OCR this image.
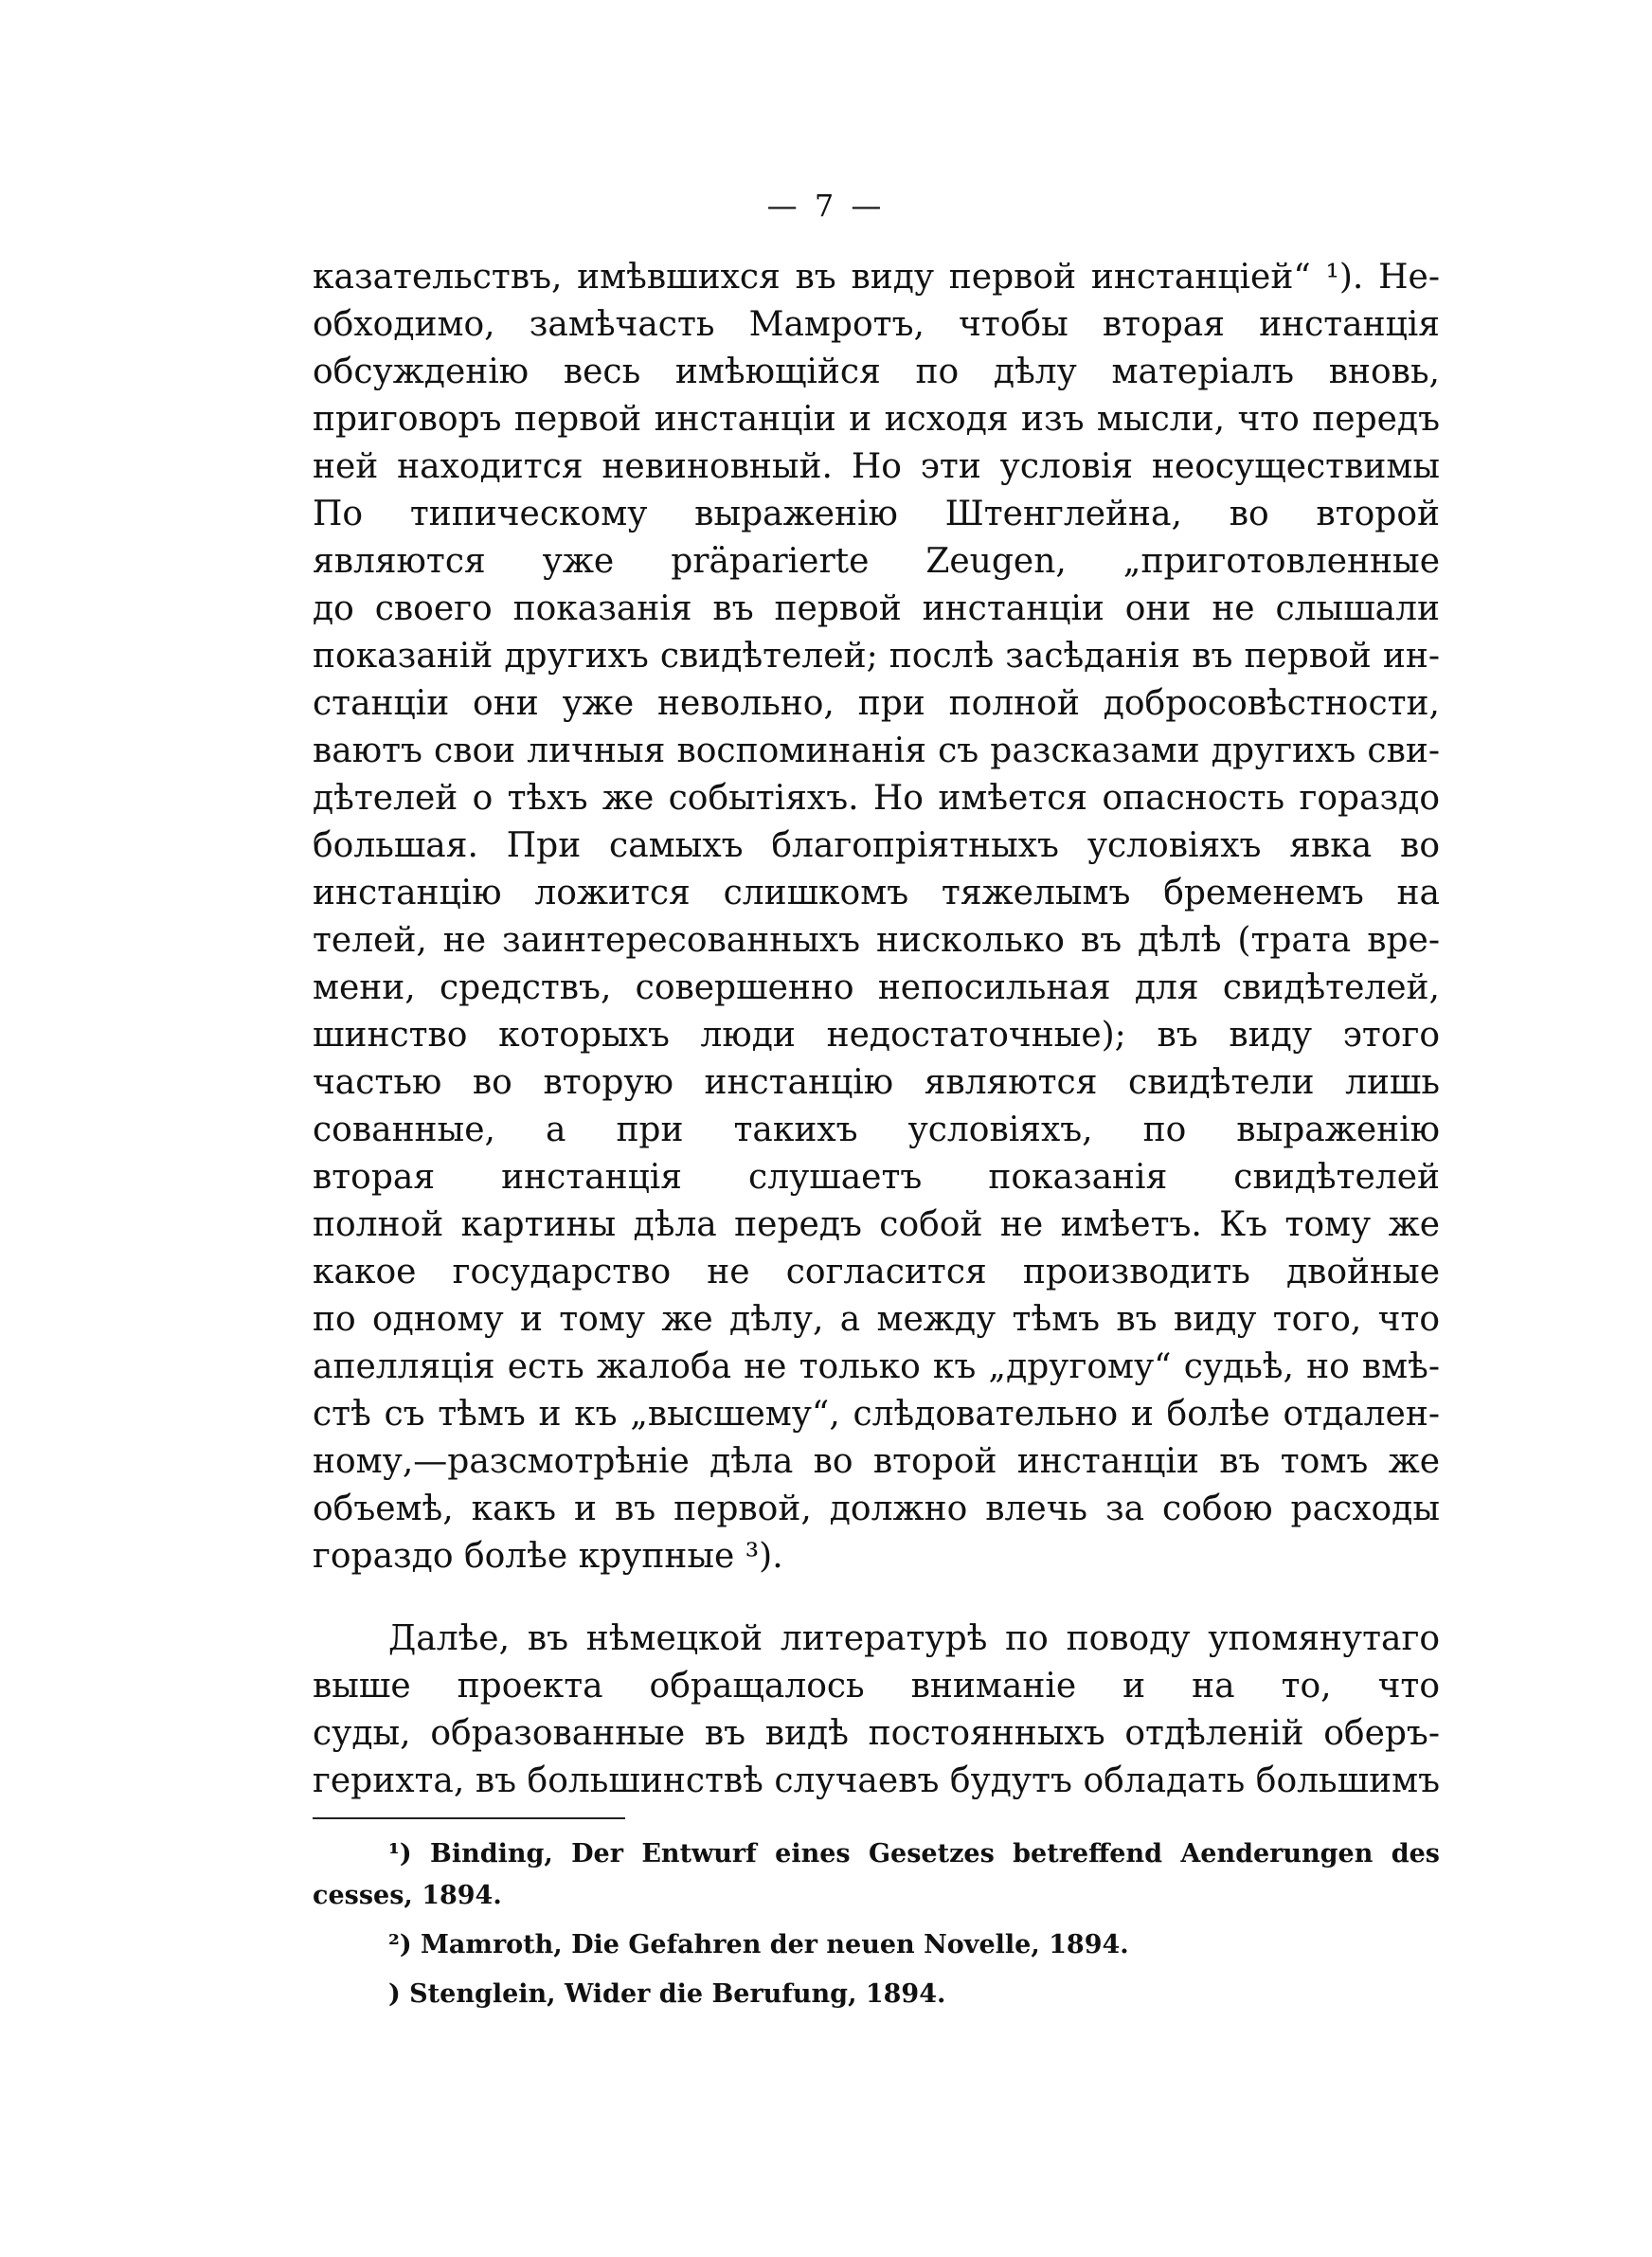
— 7 —
казательствъ, имѣвшихся въ виду первой инстанціей“ ¹). Не-
обходимо, замѣчасть Мамротъ, чтобы вторая инстанція
обсужденію весь имѣющійся по дѣлу матеріалъ вновь,
приговоръ первой инстанціи и исходя изъ мысли, что передъ
ней находится невиновный. Но эти условія неосуществимы
По типическому выраженію Штенглейна, во второй
являются уже präparierte Zeugen, „приготовленные
до своего показанія въ первой инстанціи они не слышали
показаній другихъ свидѣтелей; послѣ засѣданія въ первой ин-
станціи они уже невольно, при полной добросовѣстности,
ваютъ свои личныя воспоминанія съ разсказами другихъ сви-
дѣтелей о тѣхъ же событіяхъ. Но имѣется опасность гораздо
большая. При самыхъ благопріятныхъ условіяхъ явка во
инстанцію ложится слишкомъ тяжелымъ бременемъ на
телей, не заинтересованныхъ нисколько въ дѣлѣ (трата вре-
мени, средствъ, совершенно непосильная для свидѣтелей,
шинство которыхъ люди недостаточные); въ виду этого
частью во вторую инстанцію являются свидѣтели лишь
сованные, а при такихъ условіяхъ, по выраженію
вторая инстанція слушаетъ показанія свидѣтелей
полной картины дѣла передъ собой не имѣетъ. Къ тому же
какое государство не согласится производить двойные
по одному и тому же дѣлу, а между тѣмъ въ виду того, что
апелляція есть жалоба не только къ „другому“ судьѣ, но вмѣ-
стѣ съ тѣмъ и къ „высшему“, слѣдовательно и болѣе отдален-
ному,—разсмотрѣніе дѣла во второй инстанціи въ томъ же
объемѣ, какъ и въ первой, должно влечь за собою расходы
гораздо болѣе крупные ³).
Далѣе, въ нѣмецкой литературѣ по поводу упомянутаго
выше проекта обращалось вниманіе и на то, что
суды, образованные въ видѣ постоянныхъ отдѣленій оберъ-
герихта, въ большинствѣ случаевъ будутъ обладать большимъ
¹) Binding, Der Entwurf eines Gesetzes betreffend Aenderungen des
cesses, 1894.
²) Mamroth, Die Gefahren der neuen Novelle, 1894.
) Stenglein, Wider die Berufung, 1894.
